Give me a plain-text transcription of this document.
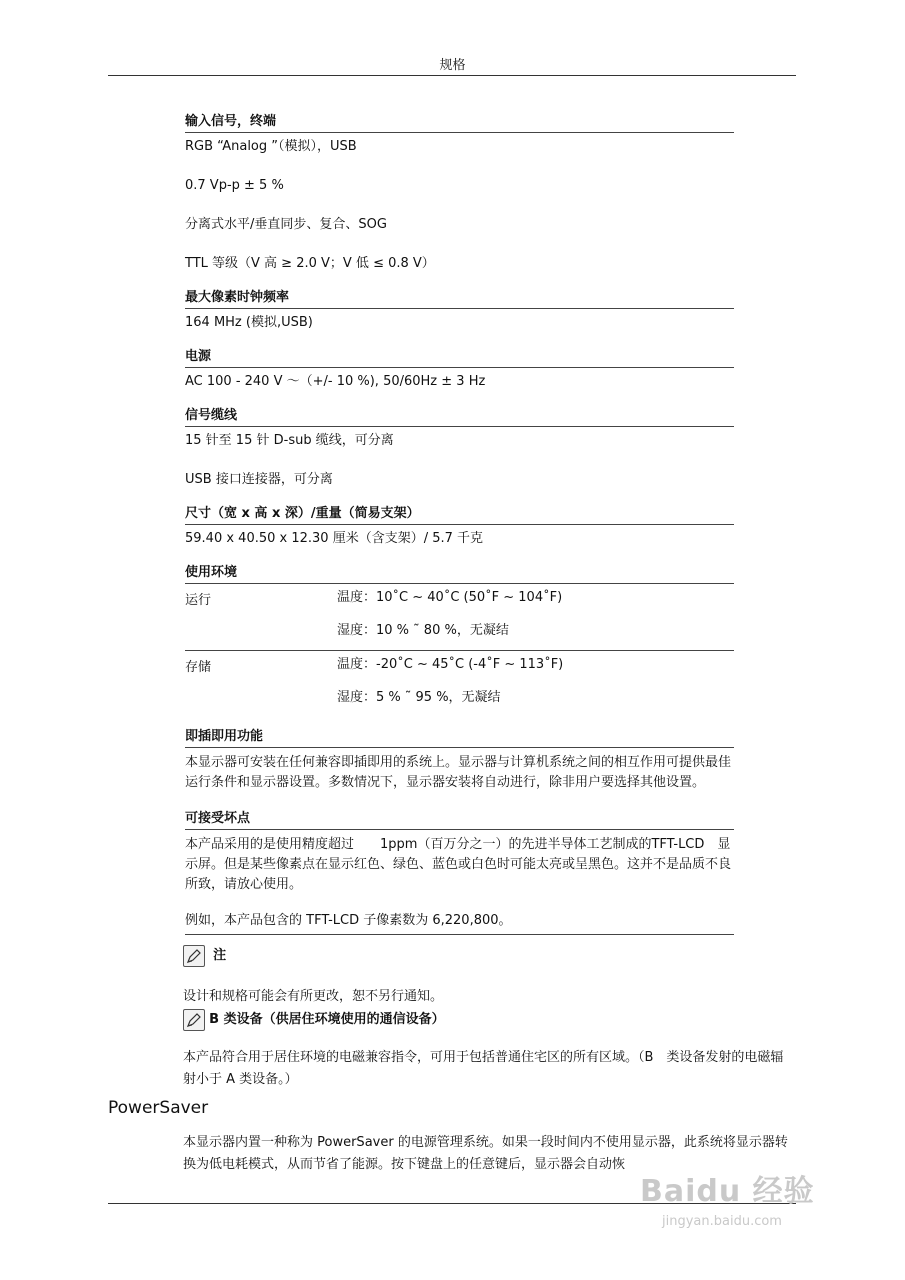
规格
输入信号，终端
RGB “Analog ”（模拟），USB
0.7 Vp-p ± 5 %
分离式水平/垂直同步、复合、SOG
TTL 等级（V 高 ≥ 2.0 V；V 低 ≤ 0.8 V）
最大像素时钟频率
164 MHz (模拟,USB)
电源
AC 100 - 240 V ～（+/- 10 %), 50/60Hz ± 3 Hz
信号缆线
15 针至 15 针 D-sub 缆线，可分离
USB 接口连接器，可分离
尺寸（宽 x 高 x 深）/重量（简易支架）
59.40 x 40.50 x 12.30 厘米（含支架）/ 5.7 千克
使用环境
运行	温度：10˚C ~ 40˚C (50˚F ~ 104˚F)
湿度：10 % ˜ 80 %，无凝结
存储	温度：-20˚C ~ 45˚C (-4˚F ~ 113˚F)
湿度：5 % ˜ 95 %，无凝结
即插即用功能
本显示器可安装在任何兼容即插即用的系统上。显示器与计算机系统之间的相互作用可提供最佳运行条件和显示器设置。多数情况下，显示器安装将自动进行，除非用户要选择其他设置。
可接受坏点
本产品采用的是使用精度超过　　1ppm（百万分之一）的先进半导体工艺制成的TFT-LCD　显示屏。但是某些像素点在显示红色、绿色、蓝色或白色时可能太亮或呈黑色。这并不是品质不良所致，请放心使用。
例如，本产品包含的 TFT-LCD 子像素数为 6,220,800。
注
设计和规格可能会有所更改，恕不另行通知。
B 类设备（供居住环境使用的通信设备）
本产品符合用于居住环境的电磁兼容指令，可用于包括普通住宅区的所有区域。（B　类设备发射的电磁辐射小于 A 类设备。）
PowerSaver
本显示器内置一种称为 PowerSaver 的电源管理系统。如果一段时间内不使用显示器，此系统将显示器转换为低电耗模式，从而节省了能源。按下键盘上的任意键后，显示器会自动恢
Baidu 经验
jingyan.baidu.com
